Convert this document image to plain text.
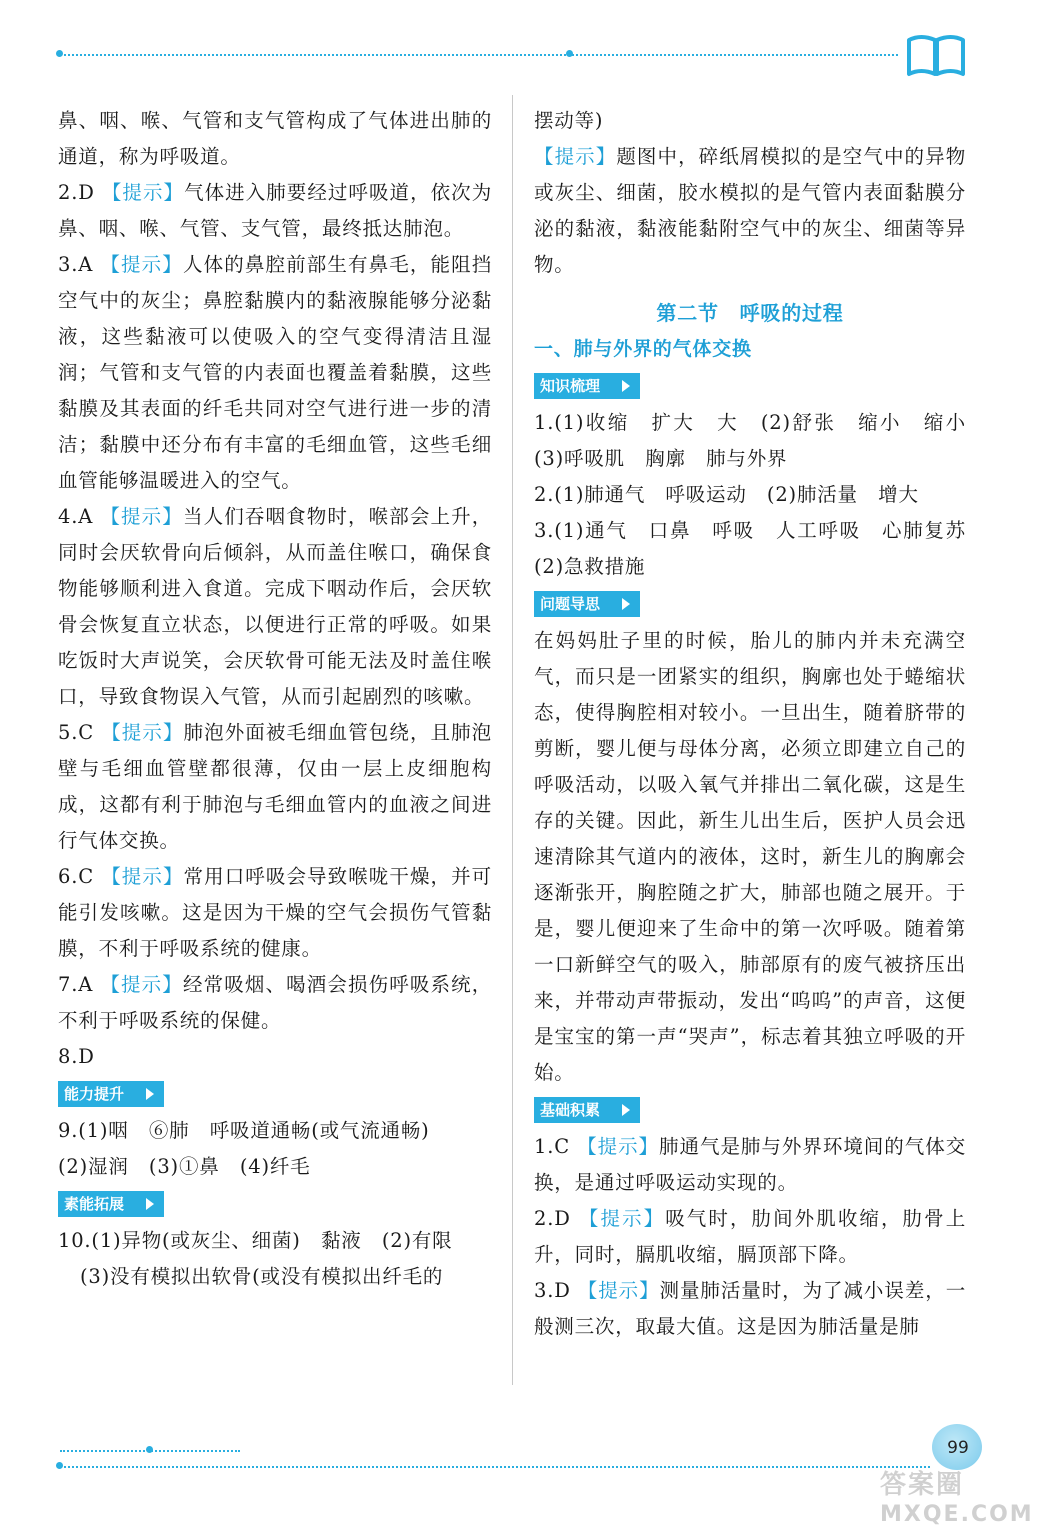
鼻、咽、喉、气管和支气管构成了气体进出肺的通道，称为呼吸道。

2.D 【提示】气体进入肺要经过呼吸道，依次为鼻、咽、喉、气管、支气管，最终抵达肺泡。

3.A 【提示】人体的鼻腔前部生有鼻毛，能阻挡空气中的灰尘；鼻腔黏膜内的黏液腺能够分泌黏液，这些黏液可以使吸入的空气变得清洁且湿润；气管和支气管的内表面也覆盖着黏膜，这些黏膜及其表面的纤毛共同对空气进行进一步的清洁；黏膜中还分布有丰富的毛细血管，这些毛细血管能够温暖进入的空气。

4.A 【提示】当人们吞咽食物时，喉部会上升，同时会厌软骨向后倾斜，从而盖住喉口，确保食物能够顺利进入食道。完成下咽动作后，会厌软骨会恢复直立状态，以便进行正常的呼吸。如果吃饭时大声说笑，会厌软骨可能无法及时盖住喉口，导致食物误入气管，从而引起剧烈的咳嗽。

5.C 【提示】肺泡外面被毛细血管包绕，且肺泡壁与毛细血管壁都很薄，仅由一层上皮细胞构成，这都有利于肺泡与毛细血管内的血液之间进行气体交换。

6.C 【提示】常用口呼吸会导致喉咙干燥，并可能引发咳嗽。这是因为干燥的空气会损伤气管黏膜，不利于呼吸系统的健康。

7.A 【提示】经常吸烟、喝酒会损伤呼吸系统，不利于呼吸系统的保健。

8.D

能力提升

9.(1)咽　⑥肺　呼吸道通畅(或气流通畅)

(2)湿润　(3)①鼻　(4)纤毛

素能拓展

10.(1)异物(或灰尘、细菌)　黏液　(2)有限

(3)没有模拟出软骨(或没有模拟出纤毛的

摆动等)

【提示】题图中，碎纸屑模拟的是空气中的异物或灰尘、细菌，胶水模拟的是气管内表面黏膜分泌的黏液，黏液能黏附空气中的灰尘、细菌等异物。

第二节　呼吸的过程

一、肺与外界的气体交换

知识梳理

1.(1)收缩　扩大　大　(2)舒张　缩小　缩小　(3)呼吸肌　胸廓　肺与外界

2.(1)肺通气　呼吸运动　(2)肺活量　增大

3.(1)通气　口鼻　呼吸　人工呼吸　心肺复苏　(2)急救措施

问题导思

在妈妈肚子里的时候，胎儿的肺内并未充满空气，而只是一团紧实的组织，胸廓也处于蜷缩状态，使得胸腔相对较小。一旦出生，随着脐带的剪断，婴儿便与母体分离，必须立即建立自己的呼吸活动，以吸入氧气并排出二氧化碳，这是生存的关键。因此，新生儿出生后，医护人员会迅速清除其气道内的液体，这时，新生儿的胸廓会逐渐张开，胸腔随之扩大，肺部也随之展开。于是，婴儿便迎来了生命中的第一次呼吸。随着第一口新鲜空气的吸入，肺部原有的废气被挤压出来，并带动声带振动，发出“呜呜”的声音，这便是宝宝的第一声“哭声”，标志着其独立呼吸的开始。

基础积累

1.C 【提示】肺通气是肺与外界环境间的气体交换，是通过呼吸运动实现的。

2.D 【提示】吸气时，肋间外肌收缩，肋骨上升，同时，膈肌收缩，膈顶部下降。

3.D 【提示】测量肺活量时，为了减小误差，一般测三次，取最大值。这是因为肺活量是肺

99
答案圈
MXQE.COM
